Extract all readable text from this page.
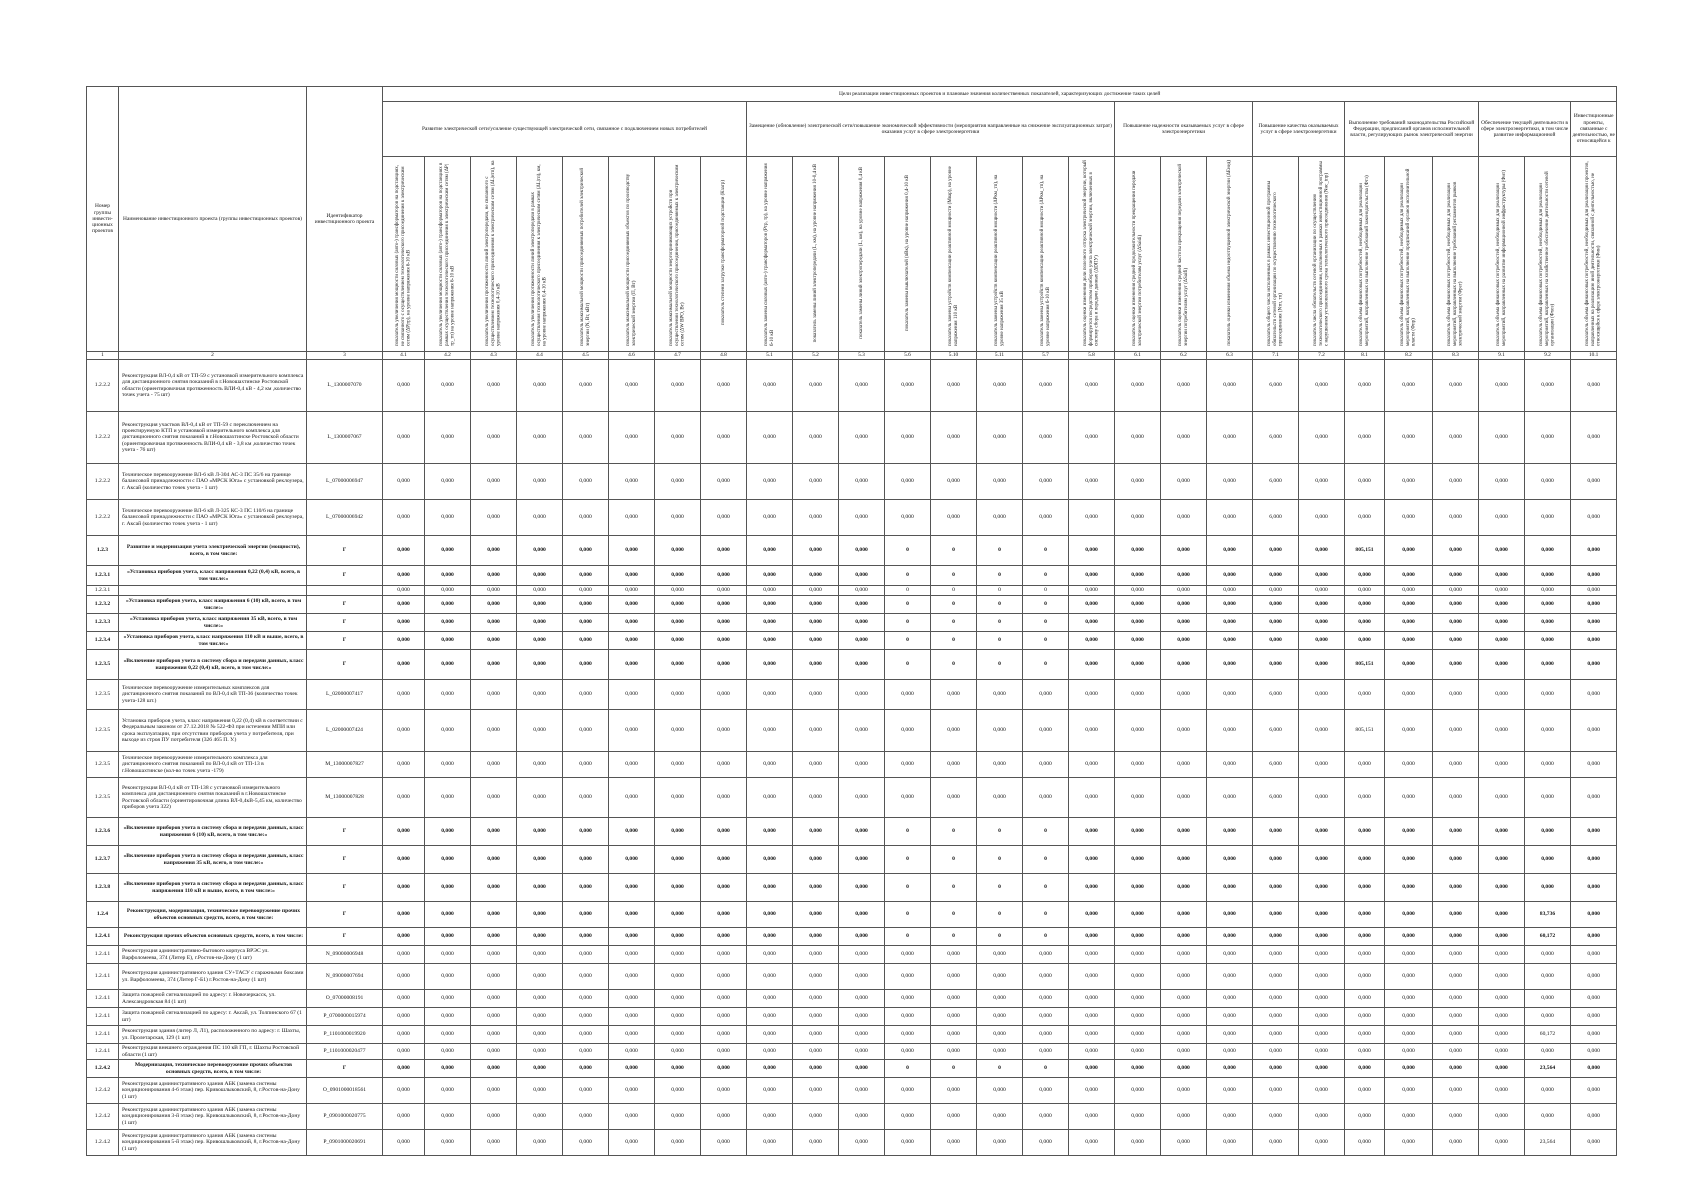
Номер группы инвести-ционных проектов	Наименование инвестиционного проекта (группы инвестиционных проектов)	Идентификатор инвестиционного проекта	Цели реализации инвестиционных проектов и плановые значения количественных показателей, характеризующих достижение таких целей																										
			Развитие электрической сети/усиление существующей электрической сети, связанное с подключением новых потребителей								Замещение (обновление) электрической сети/повышение экономической эффективности (мероприятия направленные на снижение эксплуатационных затрат) оказания услуг в сфере электроэнергетики								Повышение надежности оказываемых услуг в сфере электроэнергетики			Повышение качества оказываемых услуг в сфере электроэнергетики		Выполнение требований законодательства Российской Федерации, предписаний органов исполнительной власти, регулирующих рынок электрической энергии			Обеспечение текущей деятельности в сфере электроэнергетики, в том числе развитие информационной		Инвестиционные проекты, связанные с деятельностью, не относящейся к
			показатель увеличения мощности силовых (авто-) трансформаторов на подстанциях, не связанного с осуществлением технологического присоединения к электрическим сетям (ΔP|тр), на уровне напряжения 6-10 кВ	показатель увеличения мощности силовых (авто-) трансформаторов на подстанциях в рамках осуществления технологического присоединения к электрическим сетям (ΔP|тр_тп) на уровне напряжения 6-10 кВ	показатель увеличения протяженности линий электропередачи, не связанного с осуществлением технологического присоединения к электрическим сетям (ΔL|нтп), на уровне напряжения 0,4-10 кВ	показатель увеличения протяженности линий электропередачи в рамках осуществления технологического присоединения к электрическим сетям (ΔL|тп), км, на уровне напряжения 0,4-10 кВ	показатель максимальной мощности присоединяемых потребителей электрической энергии (N, Вт, кВт)	показатель максимальной мощности присоединяемых объектов по производству электрической энергии (П, Вт)	показатель максимальной мощности энергопринимающих устройств при осуществлении технологического присоединения, присоединяемых к электрическим сетям (ΔW ВРО, Вт)	показатель степени загрузки трансформаторной подстанции (Кзагр)	показатель замены силовых (авто-) трансформаторов (Pтр, тр), на уровне напряжения 6-10 кВ	показатель замены линий электропередачи (L, км), на уровне напряжения 10-0,4 кВ	показатель замены линий электропередачи (L, км), на уровне напряжения 0,4 кВ	показатель замены выключателей (nВк), на уровне напряжения 0,4-10 кВ	показатель замены устройств компенсации реактивной мощности (Мвар), на уровне напряжения 110 кВ	показатель замены устройств компенсации реактивной мощности (ΔPкм_тп), на уровне напряжения 35 кВ	показатель замены устройств компенсации реактивной мощности (ΔPкм_тп), на уровне напряжения 6-10 кВ	показатель оценки изменения доли полезного отпуска электрической энергии, который формируется посредством приборов учета электрической энергии, включенных в систему сбора и передачи данных (ΔDПУ)	показатель оценки изменения средней продолжительности прекращения передачи электрической энергии потребителям услуг (ΔSaidi)	показатель оценки изменения средней частоты прекращения передачи электрической энергии потребителям услуг (ΔSaifi)	показатель оценки изменения объема недоотпущенной электрической энергии (ΔEнед)	показатель общего числа исполненных в рамках инвестиционной программы обязательств сетевой организации по осуществлению технологического присоединения (Nтп, тп)	показатель числа обязательств сетевой организации по осуществлению технологического присоединения, исполненных в рамках инвестиционной программы с нарушением установленного срока технологического присоединения (Nнс_tпр)	показатель объема финансовых потребностей, необходимых для реализации мероприятий, направленных на выполнение требований законодательства (Фтз)	показатель объема финансовых потребностей, необходимых для реализации мероприятий, направленных на выполнение предписаний органов исполнительной власти (Фпр)	показатель объема финансовых потребностей, необходимых для реализации мероприятий, направленных на выполнение требований регламентов рынков электрической энергии (Фрег)	показатель объема финансовых потребностей, необходимых для реализации мероприятий, направленных на развитие информационной инфраструктуры (Фит)	показатель объема финансовых потребностей, необходимых для реализации мероприятий, направленных на хозяйственное обеспечение деятельности сетевой организации (Фхоз)	показатель объема финансовых потребностей, необходимых для реализации проектов, направленных на реализацию иной деятельности, связанной с деятельностью, не относящейся к сфере электроэнергетики (Фин)
1	2	3	4.1	4.2	4.3	4.4	4.5	4.6	4.7	4.8	5.1	5.2	5.3	5.6	5.10	5.11	5.7	5.8	6.1	6.2	6.3	7.1	7.2	8.1	8.2	8.3	9.1	9.2	10.1
1.2.2.2	Реконструкция ВЛ-0,4 кВ от ТП-59 с установкой измерительного комплекса для дистанционного снятия показаний в г.Новошахтинске Ростовской области (ориентировочная протяженность ВЛИ-0,4 кВ - 4,2 км ,количество точек учета - 75 шт)	L_1300007070	0,000	0,000	0,000	0,000	0,000	0,000	0,000	0,000	0,000	0,000	0,000	0,000	0,000	0,000	0,000	0,000	0,000	0,000	0,000	6,000	0,000	0,000	0,000	0,000	0,000	0,000	0,000
1.2.2.2	Реконструкция участков ВЛ-0,4 кВ от ТП-59 с переключением на проектируемую КТП и установкой измерительного комплекса для дистанционного снятия показаний в г.Новошахтинске Ростовской области (ориентировочная протяженность ВЛИ-0,4 кВ - 3,8 км ,количество точек учета - 76 шт)	L_1300007067	0,000	0,000	0,000	0,000	0,000	0,000	0,000	0,000	0,000	0,000	0,000	0,000	0,000	0,000	0,000	0,000	0,000	0,000	0,000	6,000	0,000	0,000	0,000	0,000	0,000	0,000	0,000
1.2.2.2	Техническое перевооружение ВЛ-6 кВ Л-304 АС-3 ПС 35/6 на границе балансовой принадлежности с ПАО «МРСК Юга» с установкой реклоузера, г. Аксай (количество точек учета - 1 шт)	L_07000006947	0,000	0,000	0,000	0,000	0,000	0,000	0,000	0,000	0,000	0,000	0,000	0,000	0,000	0,000	0,000	0,000	0,000	0,000	0,000	6,000	0,000	0,000	0,000	0,000	0,000	0,000	0,000
1.2.2.2	Техническое перевооружение ВЛ-6 кВ Л-325 КС-3 ПС 110/6 на границе балансовой принадлежности с ПАО «МРСК Юга» с установкой реклоузера, г. Аксай (количество точек учета - 1 шт)	L_07000006942	0,000	0,000	0,000	0,000	0,000	0,000	0,000	0,000	0,000	0,000	0,000	0,000	0,000	0,000	0,000	0,000	0,000	0,000	0,000	6,000	0,000	0,000	0,000	0,000	0,000	0,000	0,000
1.2.3	Развитие и модернизация учета электрической энергии (мощности), всего, в том числе:	Г	0,000	0,000	0,000	0,000	0,000	0,000	0,000	0,000	0,000	0,000	0,000	0	0	0	0	0,000	0,000	0,000	0,000	0,000	0,000	805,151	0,000	0,000	0,000	0,000	0,000
1.2.3.1	«Установка приборов учета, класс напряжения 0,22 (0,4) кВ, всего, в том числе:»	Г	0,000	0,000	0,000	0,000	0,000	0,000	0,000	0,000	0,000	0,000	0,000	0	0	0	0	0,000	0,000	0,000	0,000	0,000	0,000	0,000	0,000	0,000	0,000	0,000	0,000
1.2.3.1			0,000	0,000	0,000	0,000	0,000	0,000	0,000	0,000	0,000	0,000	0,000	0	0	0	0	0,000	0,000	0,000	0,000	0,000	0,000	0,000	0,000	0,000	0,000	0,000	0,000
1.2.3.2	«Установка приборов учета, класс напряжения 6 (10) кВ, всего, в том числе:»	Г	0,000	0,000	0,000	0,000	0,000	0,000	0,000	0,000	0,000	0,000	0,000	0	0	0	0	0,000	0,000	0,000	0,000	0,000	0,000	0,000	0,000	0,000	0,000	0,000	0,000
1.2.3.3	«Установка приборов учета, класс напряжения 35 кВ, всего, в том числе:»	Г	0,000	0,000	0,000	0,000	0,000	0,000	0,000	0,000	0,000	0,000	0,000	0	0	0	0	0,000	0,000	0,000	0,000	0,000	0,000	0,000	0,000	0,000	0,000	0,000	0,000
1.2.3.4	«Установка приборов учета, класс напряжения 110 кВ и выше, всего, в том числе:»	Г	0,000	0,000	0,000	0,000	0,000	0,000	0,000	0,000	0,000	0,000	0,000	0	0	0	0	0,000	0,000	0,000	0,000	0,000	0,000	0,000	0,000	0,000	0,000	0,000	0,000
1.2.3.5	«Включение приборов учета в систему сбора и передачи данных, класс напряжения 0,22 (0,4) кВ, всего, в том числе:»	Г	0,000	0,000	0,000	0,000	0,000	0,000	0,000	0,000	0,000	0,000	0,000	0	0	0	0	0,000	0,000	0,000	0,000	0,000	0,000	805,151	0,000	0,000	0,000	0,000	0,000
1.2.3.5	Техническое перевооружение измерительных комплексов для дистанционного снятия показаний по ВЛ-0,4 кВ ТП-36 (количество точек учета-128 шт.)	L_02000007417	0,000	0,000	0,000	0,000	0,000	0,000	0,000	0,000	0,000	0,000	0,000	0,000	0,000	0,000	0,000	0,000	0,000	0,000	0,000	6,000	0,000	0,000	0,000	0,000	0,000	0,000	0,000
1.2.3.5	Установка приборов учета, класс напряжения 0,22 (0,4) кВ в соответствии с Федеральным законом от 27.12.2018 № 522-ФЗ при истечении МПИ или срока эксплуатации, при отсутствии приборов учета у потребителя, при выходе из строя ПУ потребителя (326 465 П. У.)	L_02000007424	0,000	0,000	0,000	0,000	0,000	0,000	0,000	0,000	0,000	0,000	0,000	0,000	0,000	0,000	0,000	0,000	0,000	0,000	0,000	6,000	0,000	805,151	0,000	0,000	0,000	0,000	0,000
1.2.3.5	Техническое перевооружение измерительного комплекса для дистанционного снятия показаний по ВЛ-0,4 кВ от ТП-13 в г.Новошахтинске (кол-во точек учета -179)	M_13000007827	0,000	0,000	0,000	0,000	0,000	0,000	0,000	0,000	0,000	0,000	0,000	0,000	0,000	0,000	0,000	0,000	0,000	0,000	0,000	6,000	0,000	0,000	0,000	0,000	0,000	0,000	0,000
1.2.3.5	Реконструкция ВЛ-0,4 кВ от ТП-138 с установкой измерительного комплекса для дистанционного снятия показаний в г.Новошахтинске Ростовской области (ориентировочная длина ВЛ-0,4кВ-5,45 км, количество приборов учета 322)	M_13000007828	0,000	0,000	0,000	0,000	0,000	0,000	0,000	0,000	0,000	0,000	0,000	0,000	0,000	0,000	0,000	0,000	0,000	0,000	0,000	6,000	0,000	0,000	0,000	0,000	0,000	0,000	0,000
1.2.3.6	«Включение приборов учета в систему сбора и передачи данных, класс напряжения 6 (10) кВ, всего, в том числе:»	Г	0,000	0,000	0,000	0,000	0,000	0,000	0,000	0,000	0,000	0,000	0,000	0	0	0	0	0,000	0,000	0,000	0,000	0,000	0,000	0,000	0,000	0,000	0,000	0,000	0,000
1.2.3.7	«Включение приборов учета в систему сбора и передачи данных, класс напряжения 35 кВ, всего, в том числе:»	Г	0,000	0,000	0,000	0,000	0,000	0,000	0,000	0,000	0,000	0,000	0,000	0	0	0	0	0,000	0,000	0,000	0,000	0,000	0,000	0,000	0,000	0,000	0,000	0,000	0,000
1.2.3.8	«Включение приборов учета в систему сбора и передачи данных, класс напряжения 110 кВ и выше, всего, в том числе:»	Г	0,000	0,000	0,000	0,000	0,000	0,000	0,000	0,000	0,000	0,000	0,000	0	0	0	0	0,000	0,000	0,000	0,000	0,000	0,000	0,000	0,000	0,000	0,000	0,000	0,000
1.2.4	Реконструкция, модернизация, техническое перевооружение прочих объектов основных средств, всего, в том числе:	Г	0,000	0,000	0,000	0,000	0,000	0,000	0,000	0,000	0,000	0,000	0,000	0	0	0	0	0,000	0,000	0,000	0,000	0,000	0,000	0,000	0,000	0,000	0,000	83,736	0,000
1.2.4.1	Реконструкция прочих объектов основных средств, всего, в том числе:	Г	0,000	0,000	0,000	0,000	0,000	0,000	0,000	0,000	0,000	0,000	0,000	0	0	0	0	0,000	0,000	0,000	0,000	0,000	0,000	0,000	0,000	0,000	0,000	60,172	0,000
1.2.4.1	Реконструкция административно-бытового корпуса ВРЭС ул. Варфоломеева, 374 (Литер Е), г.Ростов-на-Дону (1 шт)	N_09000006948	0,000	0,000	0,000	0,000	0,000	0,000	0,000	0,000	0,000	0,000	0,000	0,000	0,000	0,000	0,000	0,000	0,000	0,000	0,000	0,000	0,000	0,000	0,000	0,000	0,000	0,000	0,000
1.2.4.1	Реконструкция административного здания СУ+ТАСУ с гаражными боксами ул. Варфоломеева, 374 (Литер Г-Б1) г.Ростов-на-Дону (1 шт)	N_09000007694	0,000	0,000	0,000	0,000	0,000	0,000	0,000	0,000	0,000	0,000	0,000	0,000	0,000	0,000	0,000	0,000	0,000	0,000	0,000	0,000	0,000	0,000	0,000	0,000	0,000	0,000	0,000
1.2.4.1	Защита пожарной сигнализацией по адресу: г. Новочеркасск, ул. Александровская 84 (1 шт)	O_07000008191	0,000	0,000	0,000	0,000	0,000	0,000	0,000	0,000	0,000	0,000	0,000	0,000	0,000	0,000	0,000	0,000	0,000	0,000	0,000	0,000	0,000	0,000	0,000	0,000	0,000	0,000	0,000
1.2.4.1	Защита пожарной сигнализацией по адресу: г. Аксай, ул. Толпинского 67 (1 шт)	P_0700000015974	0,000	0,000	0,000	0,000	0,000	0,000	0,000	0,000	0,000	0,000	0,000	0,000	0,000	0,000	0,000	0,000	0,000	0,000	0,000	0,000	0,000	0,000	0,000	0,000	0,000	0,000	0,000
1.2.4.1	Реконструкция здания (литер Л, Л1), расположенного по адресу: г. Шахты, ул. Пролетарская, 129 (1 шт)	P_1101000019920	0,000	0,000	0,000	0,000	0,000	0,000	0,000	0,000	0,000	0,000	0,000	0,000	0,000	0,000	0,000	0,000	0,000	0,000	0,000	0,000	0,000	0,000	0,000	0,000	0,000	60,172	0,000
1.2.4.1	Реконструкция внешнего ограждения ПС 110 кВ ГП, г. Шахты Ростовской области (1 шт)	P_1101000020477	0,000	0,000	0,000	0,000	0,000	0,000	0,000	0,000	0,000	0,000	0,000	0,000	0,000	0,000	0,000	0,000	0,000	0,000	0,000	0,000	0,000	0,000	0,000	0,000	0,000	0,000	0,000
1.2.4.2	Модернизация, техническое перевооружение прочих объектов основных средств, всего, в том числе:	Г	0,000	0,000	0,000	0,000	0,000	0,000	0,000	0,000	0,000	0,000	0,000	0	0	0	0	0,000	0,000	0,000	0,000	0,000	0,000	0,000	0,000	0,000	0,000	23,564	0,000
1.2.4.2	Реконструкция административного здания АБК (замена системы кондиционирования 4-6 этаж) пер. Кривошлыковский, 8, г.Ростов-на-Дону (1 шт)	O_0901000018561	0,000	0,000	0,000	0,000	0,000	0,000	0,000	0,000	0,000	0,000	0,000	0,000	0,000	0,000	0,000	0,000	0,000	0,000	0,000	0,000	0,000	0,000	0,000	0,000	0,000	0,000	0,000
1.2.4.2	Реконструкция административного здания АБК (замена системы кондиционирования 3-й этаж) пер. Кривошлыковский, 8, г.Ростов-на-Дону (1 шт)	P_0901000020775	0,000	0,000	0,000	0,000	0,000	0,000	0,000	0,000	0,000	0,000	0,000	0,000	0,000	0,000	0,000	0,000	0,000	0,000	0,000	0,000	0,000	0,000	0,000	0,000	0,000	0,000	0,000
1.2.4.2	Реконструкция административного здания АБК (замена системы кондиционирования 5-й этаж) пер. Кривошлыковский, 8, г.Ростов-на-Дону (1 шт)	P_0901000020691	0,000	0,000	0,000	0,000	0,000	0,000	0,000	0,000	0,000	0,000	0,000	0,000	0,000	0,000	0,000	0,000	0,000	0,000	0,000	0,000	0,000	0,000	0,000	0,000	0,000	23,564	0,000
